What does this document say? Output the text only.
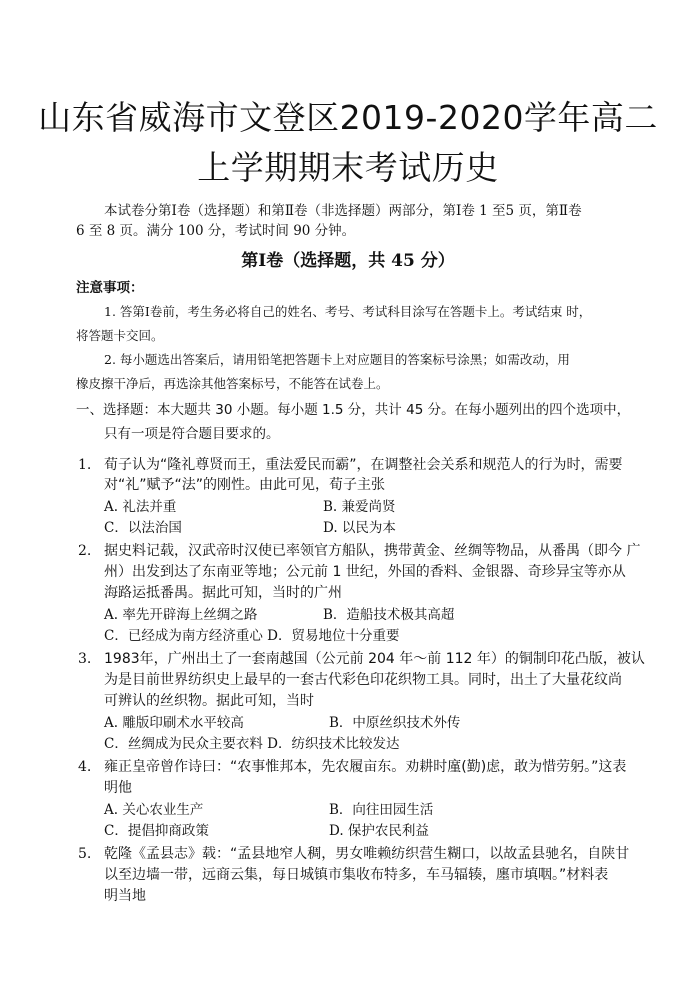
山东省威海市文登区2019-2020学年高二
上学期期末考试历史

本试卷分第Ⅰ卷（选择题）和第Ⅱ卷（非选择题）两部分，第Ⅰ卷 1 至5 页，第Ⅱ卷

6 至 8 页。满分 100 分，考试时间 90 分钟。

第Ⅰ卷（选择题，共 45 分）

注意事项：

1. 答第Ⅰ卷前，考生务必将自己的姓名、考号、考试科目涂写在答题卡上。考试结束 时，

将答题卡交回。

2. 每小题选出答案后，请用铅笔把答题卡上对应题目的答案标号涂黑；如需改动，用

橡皮擦干净后，再选涂其他答案标号，不能答在试卷上。

一、选择题：本大题共 30 小题。每小题 1.5 分，共计 45 分。在每小题列出的四个选项中，

只有一项是符合题目要求的。

1. 荀子认为“隆礼尊贤而王，重法爱民而霸”，在调整社会关系和规范人的行为时，需要

对“礼”赋予“法”的刚性。由此可见，荀子主张

A. 礼法并重	B. 兼爱尚贤

C．以法治国	D. 以民为本

2. 据史料记载，汉武帝时汉使已率领官方船队，携带黄金、丝绸等物品，从番禺（即今 广

州）出发到达了东南亚等地；公元前 1 世纪，外国的香料、金银器、奇珍异宝等亦从

海路运抵番禺。据此可知，当时的广州

A. 率先开辟海上丝绸之路	B．造船技术极其高超

C．已经成为南方经济重心 D．贸易地位十分重要

3. 1983年，广州出土了一套南越国（公元前 204 年～前 112 年）的铜制印花凸版，被认

为是目前世界纺织史上最早的一套古代彩色印花织物工具。同时，出土了大量花纹尚

可辨认的丝织物。据此可知，当时

A. 雕版印刷术水平较高	B．中原丝织技术外传

C．丝绸成为民众主要衣料 D．纺织技术比较发达

4. 雍正皇帝曾作诗曰：“农事惟邦本，先农履亩东。劝耕时廑(勤)虑，敢为惜劳躬。”这表

明他

A. 关心农业生产	B．向往田园生活

C．提倡抑商政策	D. 保护农民利益

5. 乾隆《孟县志》载：“孟县地窄人稠，男女唯赖纺织营生糊口，以故孟县驰名，自陕甘

以至边墙一带，远商云集，每日城镇市集收布特多，车马辐辏，廛市填咽。”材料表

明当地
